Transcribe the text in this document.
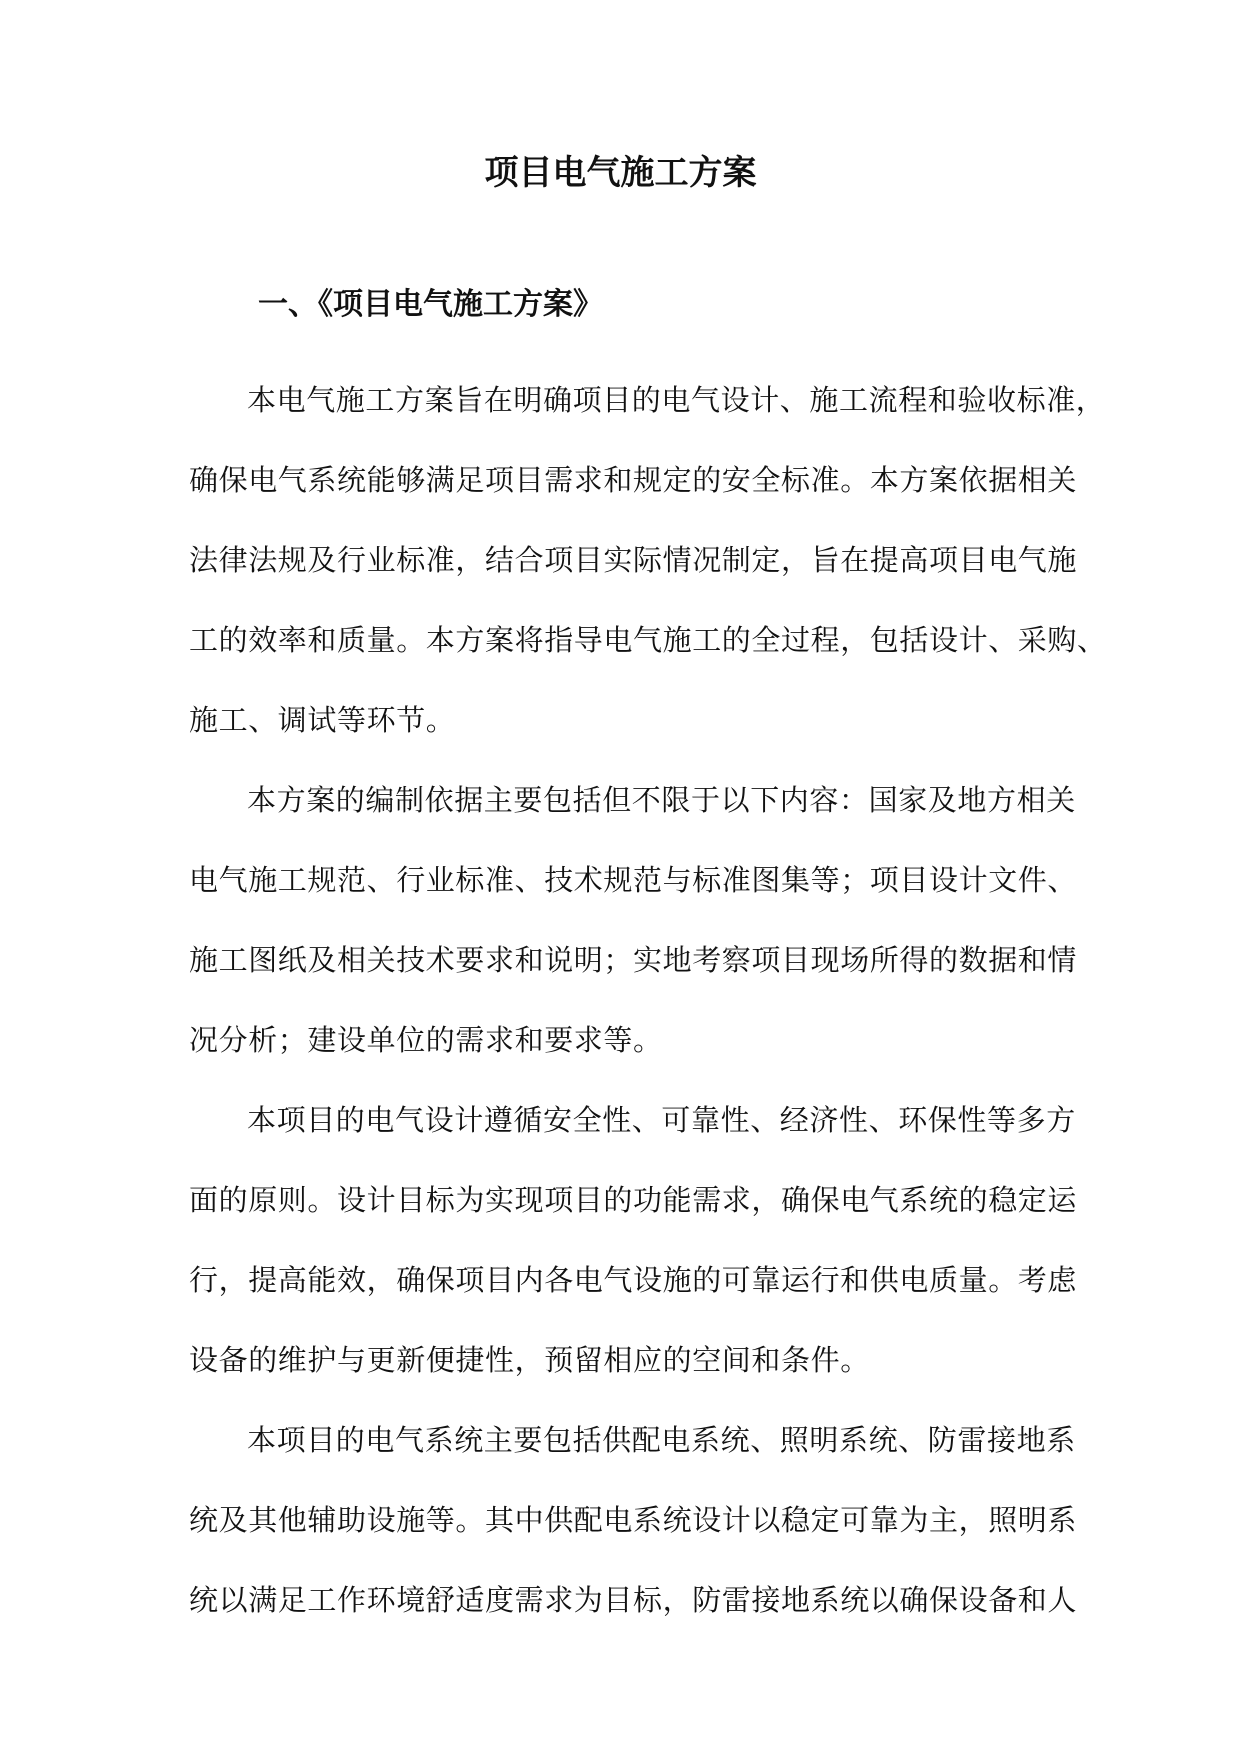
项目电气施工方案
一、《项目电气施工方案》
本电气施工方案旨在明确项目的电气设计、施工流程和验收标准，
确保电气系统能够满足项目需求和规定的安全标准。本方案依据相关
法律法规及行业标准，结合项目实际情况制定，旨在提高项目电气施
工的效率和质量。本方案将指导电气施工的全过程，包括设计、采购、
施工、调试等环节。
本方案的编制依据主要包括但不限于以下内容：国家及地方相关
电气施工规范、行业标准、技术规范与标准图集等；项目设计文件、
施工图纸及相关技术要求和说明；实地考察项目现场所得的数据和情
况分析；建设单位的需求和要求等。
本项目的电气设计遵循安全性、可靠性、经济性、环保性等多方
面的原则。设计目标为实现项目的功能需求，确保电气系统的稳定运
行，提高能效，确保项目内各电气设施的可靠运行和供电质量。考虑
设备的维护与更新便捷性，预留相应的空间和条件。
本项目的电气系统主要包括供配电系统、照明系统、防雷接地系
统及其他辅助设施等。其中供配电系统设计以稳定可靠为主，照明系
统以满足工作环境舒适度需求为目标，防雷接地系统以确保设备和人
